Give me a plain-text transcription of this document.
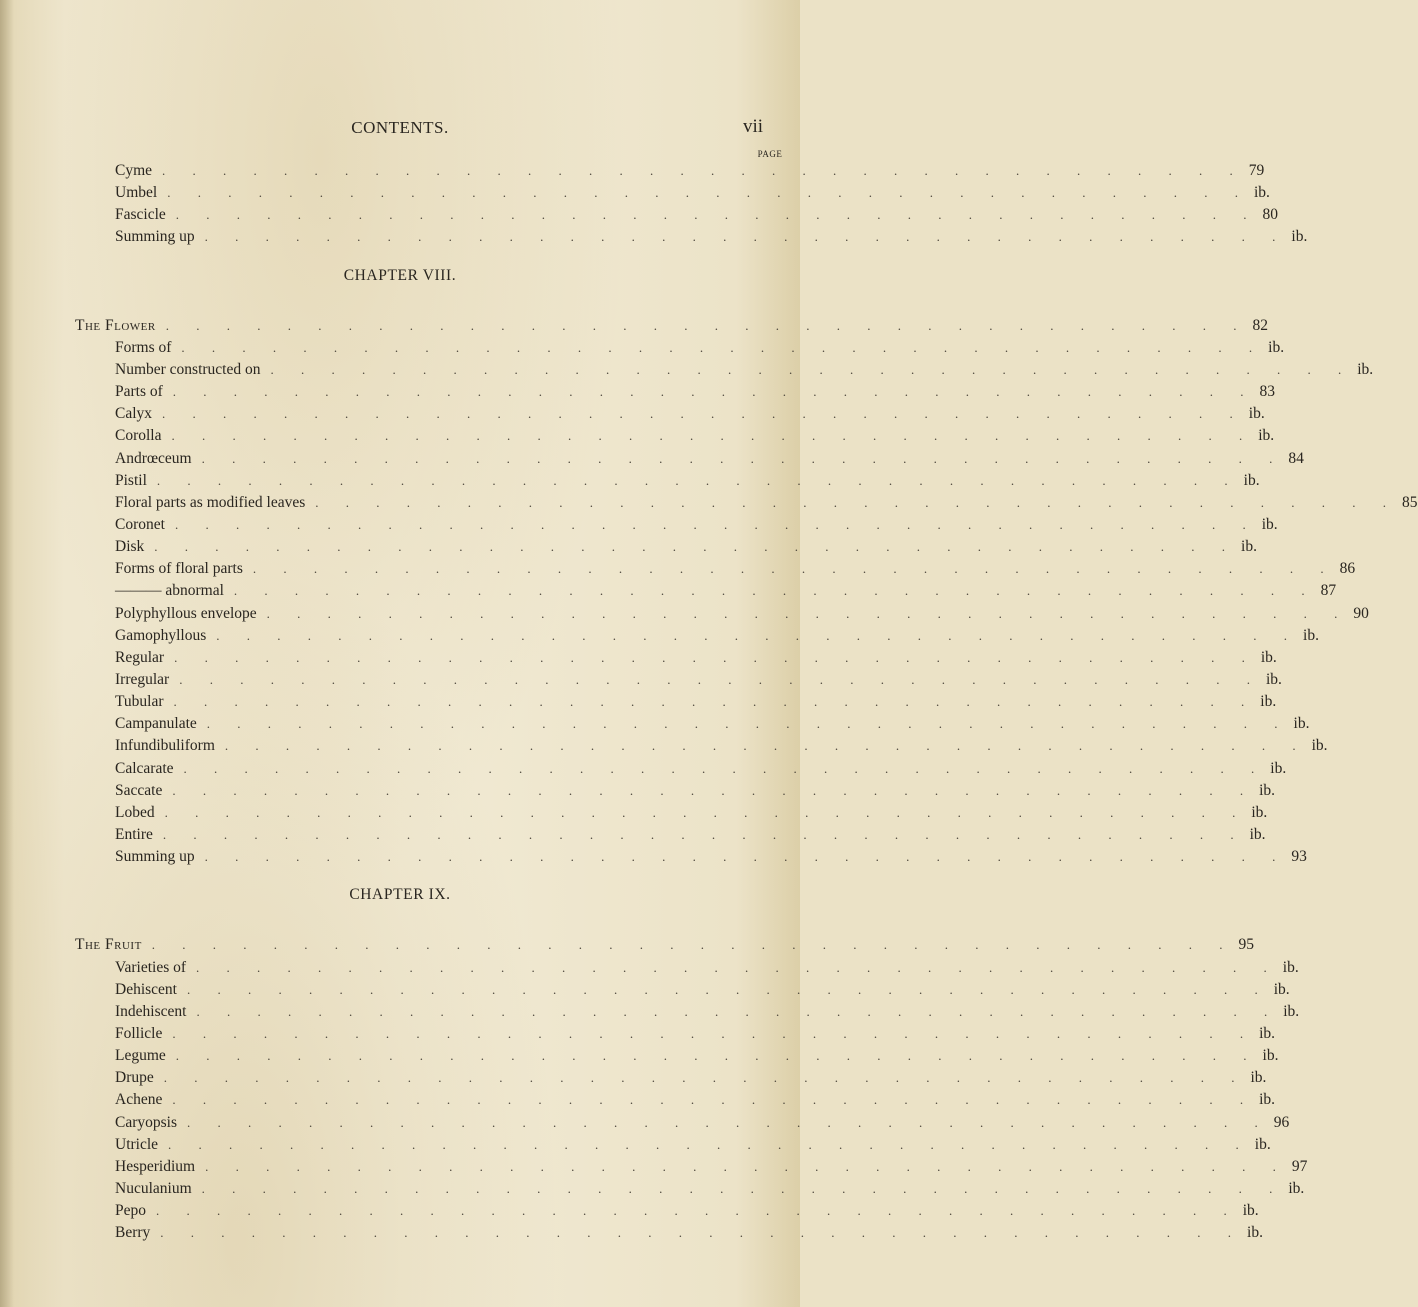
CONTENTS.	vii
PAGE
Cyme . . . . . . . . . . . . . . . . . . . . . . . . . . . . . . . . . . . . 79
Umbel . . . . . . . . . . . . . . . . . . . . . . . . . . . . . . . . . . . . ib.
Fascicle . . . . . . . . . . . . . . . . . . . . . . . . . . . . . . . . . . . . 80
Summing up . . . . . . . . . . . . . . . . . . . . . . . . . . . . . . . . . . . . ib.
CHAPTER VIII.
The Flower . . . . . . . . . . . . . . . . . . . . . . . . . . . . . . . . . . . . 82
Forms of . . . . . . . . . . . . . . . . . . . . . . . . . . . . . . . . . . . . ib.
Number constructed on . . . . . . . . . . . . . . . . . . . . . . . . . . . . . . . . . . . . ib.
Parts of . . . . . . . . . . . . . . . . . . . . . . . . . . . . . . . . . . . . 83
Calyx . . . . . . . . . . . . . . . . . . . . . . . . . . . . . . . . . . . . ib.
Corolla . . . . . . . . . . . . . . . . . . . . . . . . . . . . . . . . . . . . ib.
Andrœceum . . . . . . . . . . . . . . . . . . . . . . . . . . . . . . . . . . . . 84
Pistil . . . . . . . . . . . . . . . . . . . . . . . . . . . . . . . . . . . . ib.
Floral parts as modified leaves . . . . . . . . . . . . . . . . . . . . . . . . . . . . . . . . . . . . 85
Coronet . . . . . . . . . . . . . . . . . . . . . . . . . . . . . . . . . . . . ib.
Disk . . . . . . . . . . . . . . . . . . . . . . . . . . . . . . . . . . . . ib.
Forms of floral parts . . . . . . . . . . . . . . . . . . . . . . . . . . . . . . . . . . . . 86
——— abnormal . . . . . . . . . . . . . . . . . . . . . . . . . . . . . . . . . . . . 87
Polyphyllous envelope . . . . . . . . . . . . . . . . . . . . . . . . . . . . . . . . . . . . 90
Gamophyllous . . . . . . . . . . . . . . . . . . . . . . . . . . . . . . . . . . . . ib.
Regular . . . . . . . . . . . . . . . . . . . . . . . . . . . . . . . . . . . . ib.
Irregular . . . . . . . . . . . . . . . . . . . . . . . . . . . . . . . . . . . . ib.
Tubular . . . . . . . . . . . . . . . . . . . . . . . . . . . . . . . . . . . . ib.
Campanulate . . . . . . . . . . . . . . . . . . . . . . . . . . . . . . . . . . . . ib.
Infundibuliform . . . . . . . . . . . . . . . . . . . . . . . . . . . . . . . . . . . . ib.
Calcarate . . . . . . . . . . . . . . . . . . . . . . . . . . . . . . . . . . . . ib.
Saccate . . . . . . . . . . . . . . . . . . . . . . . . . . . . . . . . . . . . ib.
Lobed . . . . . . . . . . . . . . . . . . . . . . . . . . . . . . . . . . . . ib.
Entire . . . . . . . . . . . . . . . . . . . . . . . . . . . . . . . . . . . . ib.
Summing up . . . . . . . . . . . . . . . . . . . . . . . . . . . . . . . . . . . . 93
CHAPTER IX.
The Fruit . . . . . . . . . . . . . . . . . . . . . . . . . . . . . . . . . . . . 95
Varieties of . . . . . . . . . . . . . . . . . . . . . . . . . . . . . . . . . . . . ib.
Dehiscent . . . . . . . . . . . . . . . . . . . . . . . . . . . . . . . . . . . . ib.
Indehiscent . . . . . . . . . . . . . . . . . . . . . . . . . . . . . . . . . . . . ib.
Follicle . . . . . . . . . . . . . . . . . . . . . . . . . . . . . . . . . . . . ib.
Legume . . . . . . . . . . . . . . . . . . . . . . . . . . . . . . . . . . . . ib.
Drupe . . . . . . . . . . . . . . . . . . . . . . . . . . . . . . . . . . . . ib.
Achene . . . . . . . . . . . . . . . . . . . . . . . . . . . . . . . . . . . . ib.
Caryopsis . . . . . . . . . . . . . . . . . . . . . . . . . . . . . . . . . . . . 96
Utricle . . . . . . . . . . . . . . . . . . . . . . . . . . . . . . . . . . . . ib.
Hesperidium . . . . . . . . . . . . . . . . . . . . . . . . . . . . . . . . . . . . 97
Nuculanium . . . . . . . . . . . . . . . . . . . . . . . . . . . . . . . . . . . . ib.
Pepo . . . . . . . . . . . . . . . . . . . . . . . . . . . . . . . . . . . . ib.
Berry . . . . . . . . . . . . . . . . . . . . . . . . . . . . . . . . . . . . ib.
